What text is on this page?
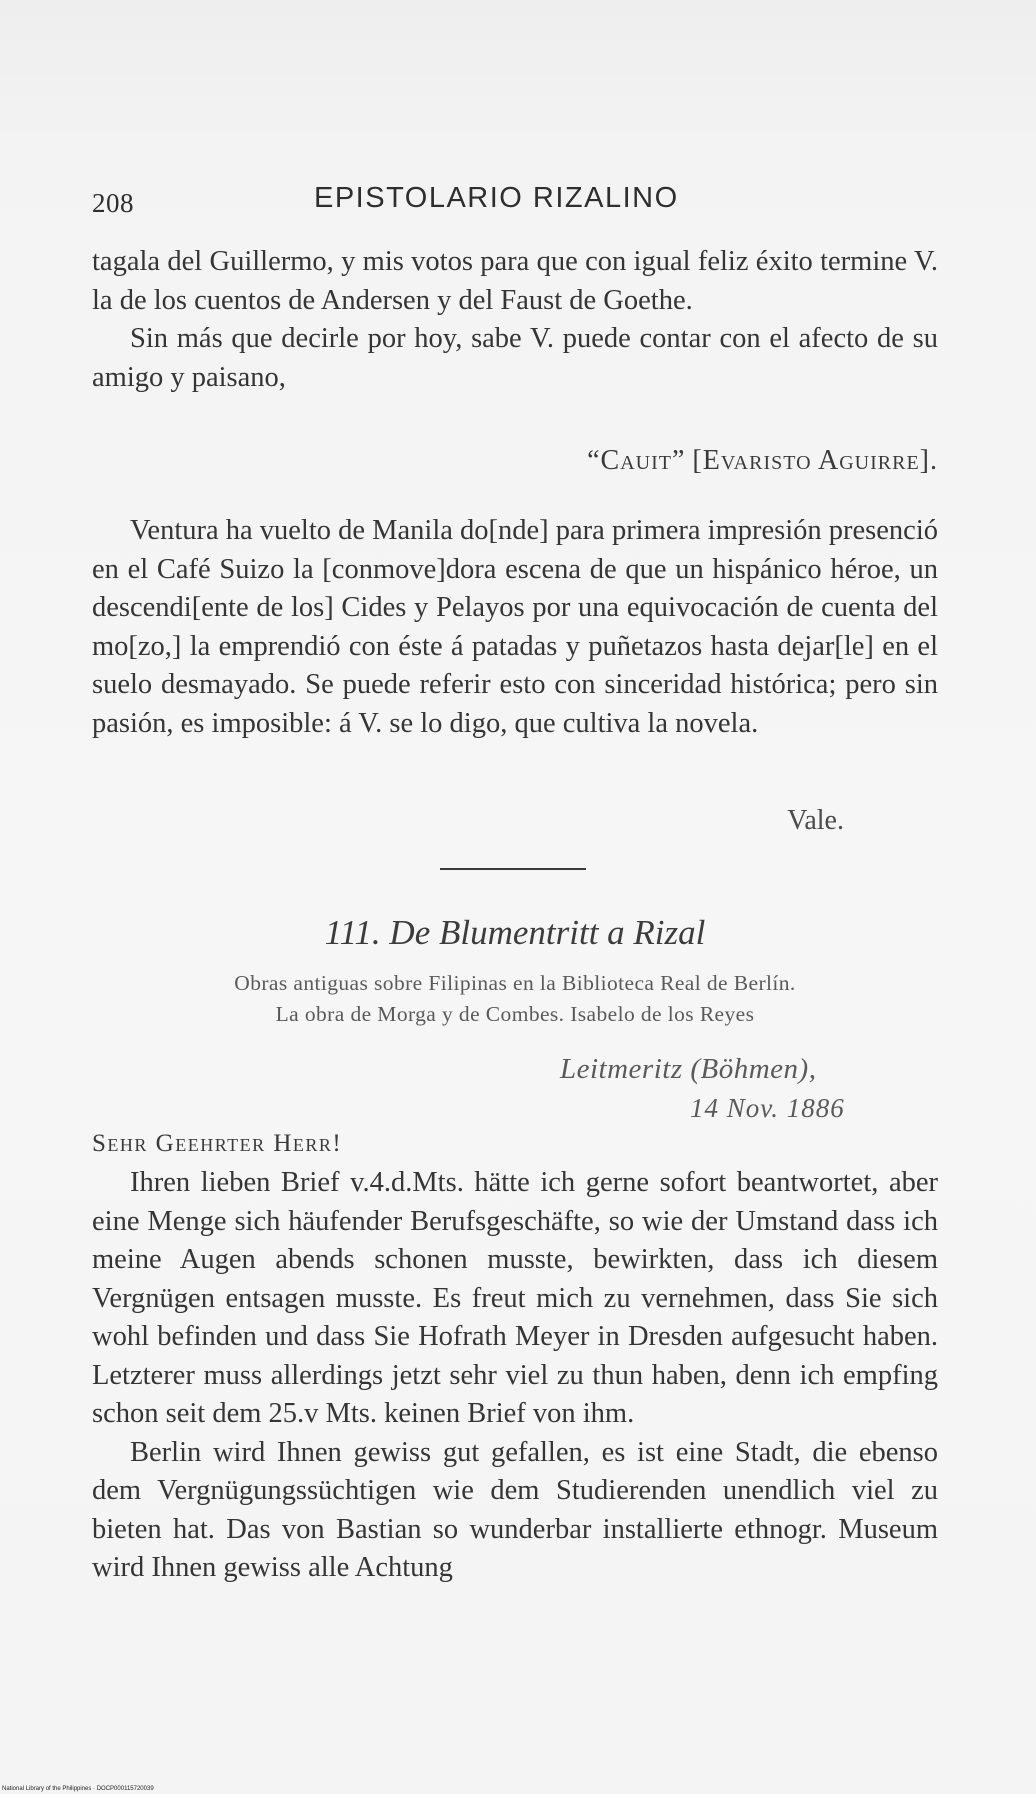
208	EPISTOLARIO RIZALINO

tagala del Guillermo, y mis votos para que con igual feliz éxito termine V. la de los cuentos de Andersen y del Faust de Goethe.

Sin más que decirle por hoy, sabe V. puede contar con el afecto de su amigo y paisano,

“Cauit” [Evaristo Aguirre].

Ventura ha vuelto de Manila do[nde] para primera impresión presenció en el Café Suizo la [conmove]dora escena de que un hispánico héroe, un descendi[ente de los] Cides y Pelayos por una equivocación de cuenta del mo[zo,] la emprendió con éste á patadas y puñetazos hasta dejar[le] en el suelo desmayado. Se puede referir esto con sinceridad histórica; pero sin pasión, es imposible: á V. se lo digo, que cultiva la novela.

Vale.
111. De Blumentritt a Rizal
Obras antiguas sobre Filipinas en la Biblioteca Real de Berlín.
La obra de Morga y de Combes. Isabelo de los Reyes
Leitmeritz (Böhmen),
14 Nov. 1886
Sehr Geehrter Herr!

Ihren lieben Brief v.4.d.Mts. hätte ich gerne sofort beantwortet, aber eine Menge sich häufender Berufsgeschäfte, so wie der Umstand dass ich meine Augen abends schonen musste, bewirkten, dass ich diesem Vergnügen entsagen musste. Es freut mich zu vernehmen, dass Sie sich wohl befinden und dass Sie Hofrath Meyer in Dresden aufgesucht haben. Letzterer muss allerdings jetzt sehr viel zu thun haben, denn ich empfing schon seit dem 25.v Mts. keinen Brief von ihm.

Berlin wird Ihnen gewiss gut gefallen, es ist eine Stadt, die ebenso dem Vergnügungssüchtigen wie dem Studierenden unendlich viel zu bieten hat. Das von Bastian so wunderbar installierte ethnogr. Museum wird Ihnen gewiss alle Achtung

National Library of the Philippines · DOCP000115720039
